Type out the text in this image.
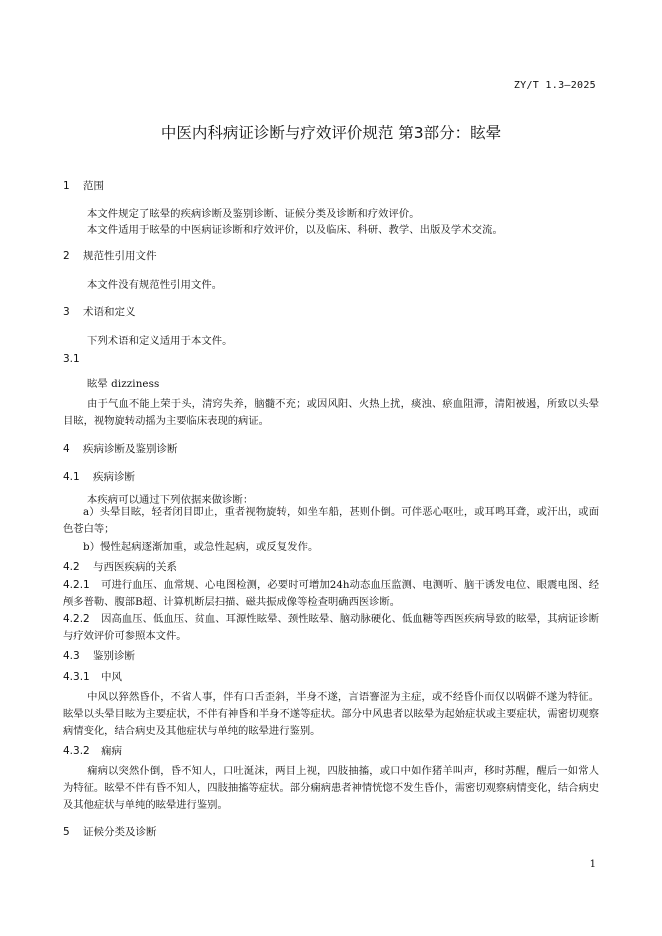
ZY/T 1.3—2025
中医内科病证诊断与疗效评价规范 第3部分：眩晕
1 范围
本文件规定了眩晕的疾病诊断及鉴别诊断、证候分类及诊断和疗效评价。
本文件适用于眩晕的中医病证诊断和疗效评价，以及临床、科研、教学、出版及学术交流。
2 规范性引用文件
本文件没有规范性引用文件。
3 术语和定义
下列术语和定义适用于本文件。
3.1
眩晕 dizziness
由于气血不能上荣于头，清窍失养，脑髓不充；或因风阳、火热上扰，痰浊、瘀血阻滞，清阳被遏，所致以头晕目眩，视物旋转动摇为主要临床表现的病证。
4 疾病诊断及鉴别诊断
4.1 疾病诊断
本疾病可以通过下列依据来做诊断：
a）头晕目眩，轻者闭目即止，重者视物旋转，如坐车船，甚则仆倒。可伴恶心呕吐，或耳鸣耳聋，或汗出，或面色苍白等；
b）慢性起病逐渐加重，或急性起病，或反复发作。
4.2 与西医疾病的关系
4.2.1 可进行血压、血常规、心电图检测，必要时可增加24h动态血压监测、电测听、脑干诱发电位、眼震电图、经颅多普勒、腹部B超、计算机断层扫描、磁共振成像等检查明确西医诊断。
4.2.2 因高血压、低血压、贫血、耳源性眩晕、颈性眩晕、脑动脉硬化、低血糖等西医疾病导致的眩晕，其病证诊断与疗效评价可参照本文件。
4.3 鉴别诊断
4.3.1 中风
中风以猝然昏仆，不省人事，伴有口舌歪斜，半身不遂，言语謇涩为主症，或不经昏仆而仅以㖞僻不遂为特征。眩晕以头晕目眩为主要症状，不伴有神昏和半身不遂等症状。部分中风患者以眩晕为起始症状或主要症状，需密切观察病情变化，结合病史及其他症状与单纯的眩晕进行鉴别。
4.3.2 痫病
痫病以突然仆倒，昏不知人，口吐涎沫，两目上视，四肢抽搐，或口中如作猪羊叫声，移时苏醒，醒后一如常人为特征。眩晕不伴有昏不知人，四肢抽搐等症状。部分痫病患者神情恍惚不发生昏仆，需密切观察病情变化，结合病史及其他症状与单纯的眩晕进行鉴别。
5 证候分类及诊断
1
